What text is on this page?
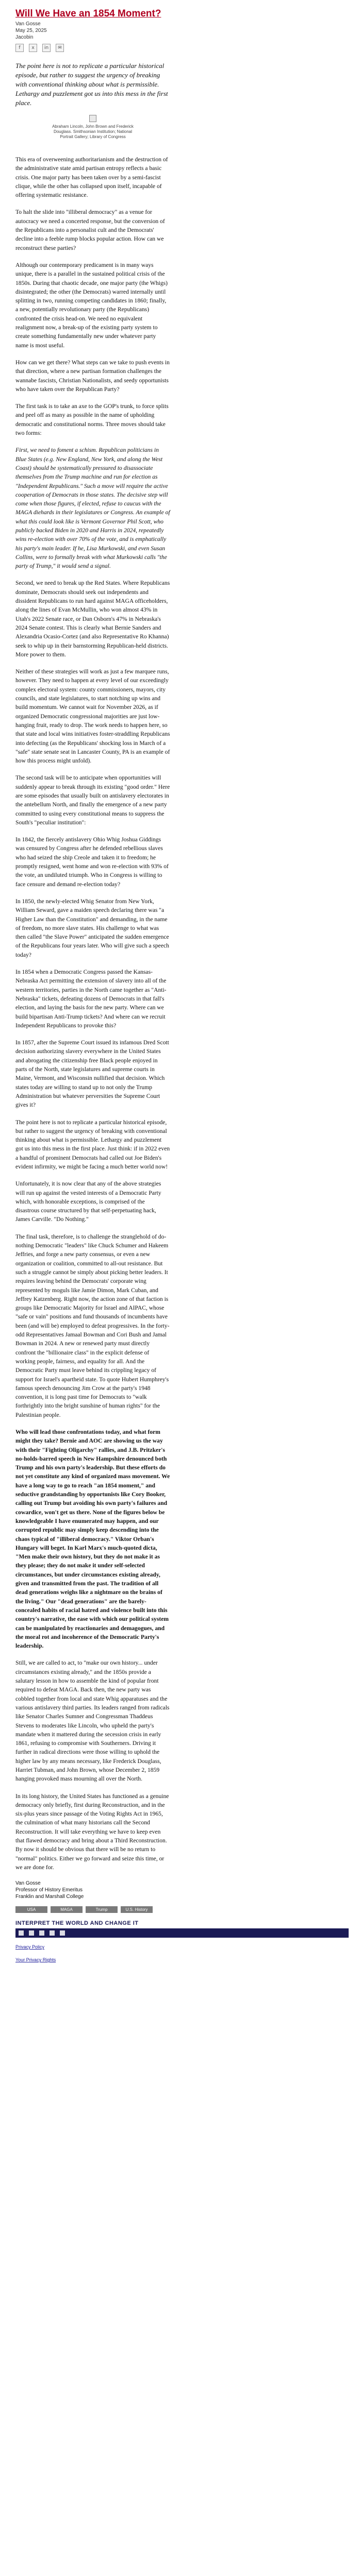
Will We Have an 1854 Moment?
Van Gosse
May 25, 2025
Jacobin
f	x	in	✉

The point here is not to replicate a particular historical episode, but rather to suggest the urgency of breaking with conventional thinking about what is permissible. Lethargy and puzzlement got us into this mess in the first place.

Abraham Lincoln, John Brown and Frederick
Douglass. Smithsonian Institution; National
Portrait Gallery; Library of Congress

This era of overweening authoritarianism and the destruction of the administrative state amid partisan entropy reflects a basic crisis. One major party has been taken over by a semi-fascist clique, while the other has collapsed upon itself, incapable of offering systematic resistance.

To halt the slide into "illiberal democracy" as a venue for autocracy we need a concerted response, but the conversion of the Republicans into a personalist cult and the Democrats' decline into a feeble rump blocks popular action. How can we reconstruct these parties?

Although our contemporary predicament is in many ways unique, there is a parallel in the sustained political crisis of the 1850s. During that chaotic decade, one major party (the Whigs) disintegrated; the other (the Democrats) warred internally until splitting in two, running competing candidates in 1860; finally, a new, potentially revolutionary party (the Republicans) confronted the crisis head-on. We need no equivalent realignment now, a break-up of the existing party system to create something fundamentally new under whatever party name is most useful.

How can we get there? What steps can we take to push events in that direction, where a new partisan formation challenges the wannabe fascists, Christian Nationalists, and seedy opportunists who have taken over the Republican Party?

The first task is to take an axe to the GOP's trunk, to force splits and peel off as many as possible in the name of upholding democratic and constitutional norms. Three moves should take two forms:

First, we need to foment a schism. Republican politicians in Blue States (e.g. New England, New York, and along the West Coast) should be systematically pressured to disassociate themselves from the Trump machine and run for election as "Independent Republicans." Such a move will require the active cooperation of Democrats in those states. The decisive step will come when those figures, if elected, refuse to caucus with the MAGA diehards in their legislatures or Congress. An example of what this could look like is Vermont Governor Phil Scott, who publicly backed Biden in 2020 and Harris in 2024, repeatedly wins re-election with over 70% of the vote, and is emphatically his party's main leader. If he, Lisa Murkowski, and even Susan Collins, were to formally break with what Murkowski calls "the party of Trump," it would send a signal.

Second, we need to break up the Red States. Where Republicans dominate, Democrats should seek out independents and dissident Republicans to run hard against MAGA officeholders, along the lines of Evan McMullin, who won almost 43% in Utah's 2022 Senate race, or Dan Osborn's 47% in Nebraska's 2024 Senate contest. This is clearly what Bernie Sanders and Alexandria Ocasio-Cortez (and also Representative Ro Khanna) seek to whip up in their barnstorming Republican-held districts. More power to them.

Neither of these strategies will work as just a few marquee runs, however. They need to happen at every level of our exceedingly complex electoral system: county commissioners, mayors, city councils, and state legislatures, to start notching up wins and build momentum. We cannot wait for November 2026, as if organized Democratic congressional majorities are just low-hanging fruit, ready to drop. The work needs to happen here, so that state and local wins initiatives foster-straddling Republicans into defecting (as the Republicans' shocking loss in March of a "safe" state senate seat in Lancaster County, PA is an example of how this process might unfold).

The second task will be to anticipate when opportunities will suddenly appear to break through its existing "good order." Here are some episodes that usually built on antislavery electorates in the antebellum North, and finally the emergence of a new party committed to using every constitutional means to suppress the South's "peculiar institution":

In 1842, the fiercely antislavery Ohio Whig Joshua Giddings was censured by Congress after he defended rebellious slaves who had seized the ship Creole and taken it to freedom; he promptly resigned, went home and won re-election with 93% of the vote, an undiluted triumph. Who in Congress is willing to face censure and demand re-election today?

In 1850, the newly-elected Whig Senator from New York, William Seward, gave a maiden speech declaring there was "a Higher Law than the Constitution" and demanding, in the name of freedom, no more slave states. His challenge to what was then called "the Slave Power" anticipated the sudden emergence of the Republicans four years later. Who will give such a speech today?

In 1854 when a Democratic Congress passed the Kansas-Nebraska Act permitting the extension of slavery into all of the western territories, parties in the North came together as "Anti-Nebraska" tickets, defeating dozens of Democrats in that fall's election, and laying the basis for the new party. Where can we build bipartisan Anti-Trump tickets? And where can we recruit Independent Republicans to provoke this?

In 1857, after the Supreme Court issued its infamous Dred Scott decision authorizing slavery everywhere in the United States and abrogating the citizenship free Black people enjoyed in parts of the North, state legislatures and supreme courts in Maine, Vermont, and Wisconsin nullified that decision. Which states today are willing to stand up to not only the Trump Administration but whatever perversities the Supreme Court gives it?

The point here is not to replicate a particular historical episode, but rather to suggest the urgency of breaking with conventional thinking about what is permissible. Lethargy and puzzlement got us into this mess in the first place. Just think: if in 2022 even a handful of prominent Democrats had called out Joe Biden's evident infirmity, we might be facing a much better world now!

Unfortunately, it is now clear that any of the above strategies will run up against the vested interests of a Democratic Party which, with honorable exceptions, is comprised of the disastrous course structured by that self-perpetuating hack, James Carville. "Do Nothing."

The final task, therefore, is to challenge the stranglehold of do-nothing Democratic "leaders" like Chuck Schumer and Hakeem Jeffries, and forge a new party consensus, or even a new organization or coalition, committed to all-out resistance. But such a struggle cannot be simply about picking better leaders. It requires leaving behind the Democrats' corporate wing represented by moguls like Jamie Dimon, Mark Cuban, and Jeffrey Katzenberg. Right now, the action zone of that faction is groups like Democratic Majority for Israel and AIPAC, whose "safe or vain" positions and fund thousands of incumbents have been (and will be) employed to defeat progressives. In the forty-odd Representatives Jamaal Bowman and Cori Bush and Jamal Bowman in 2024. A new or renewed party must directly confront the "billionaire class" in the explicit defense of working people, fairness, and equality for all. And the Democratic Party must leave behind its crippling legacy of support for Israel's apartheid state. To quote Hubert Humphrey's famous speech denouncing Jim Crow at the party's 1948 convention, it is long past time for Democrats to "walk forthrightly into the bright sunshine of human rights" for the Palestinian people.

Who will lead those confrontations today, and what form might they take? Bernie and AOC are showing us the way with their "Fighting Oligarchy" rallies, and J.B. Pritzker's no-holds-barred speech in New Hampshire denounced both Trump and his own party's leadership. But these efforts do not yet constitute any kind of organized mass movement. We have a long way to go to reach "an 1854 moment," and seductive grandstanding by opportunists like Cory Booker, calling out Trump but avoiding his own party's failures and cowardice, won't get us there. None of the figures below be knowledgeable I have enumerated may happen, and our corrupted republic may simply keep descending into the chaos typical of "illiberal democracy." Viktor Orban's Hungary will beget. In Karl Marx's much-quoted dicta, "Men make their own history, but they do not make it as they please; they do not make it under self-selected circumstances, but under circumstances existing already, given and transmitted from the past. The tradition of all dead generations weighs like a nightmare on the brains of the living." Our "dead generations" are the barely-concealed habits of racial hatred and violence built into this country's narrative, the ease with which our political system can be manipulated by reactionaries and demagogues, and the moral rot and incoherence of the Democratic Party's leadership.

Still, we are called to act, to "make our own history... under circumstances existing already," and the 1850s provide a salutary lesson in how to assemble the kind of popular front required to defeat MAGA. Back then, the new party was cobbled together from local and state Whig apparatuses and the various antislavery third parties. Its leaders ranged from radicals like Senator Charles Sumner and Congressman Thaddeus Stevens to moderates like Lincoln, who upheld the party's mandate when it mattered during the secession crisis in early 1861, refusing to compromise with Southerners. Driving it further in radical directions were those willing to uphold the higher law by any means necessary, like Frederick Douglass, Harriet Tubman, and John Brown, whose December 2, 1859 hanging provoked mass mourning all over the North.

In its long history, the United States has functioned as a genuine democracy only briefly, first during Reconstruction, and in the six-plus years since passage of the Voting Rights Act in 1965, the culmination of what many historians call the Second Reconstruction. It will take everything we have to keep even that flawed democracy and bring about a Third Reconstruction. By now it should be obvious that there will be no return to "normal" politics. Either we go forward and seize this time, or we are done for.

Van Gosse
Professor of History Emeritus
Franklin and Marshall College
USA	MAGA	Trump	U.S. History
INTERPRET THE WORLD AND CHANGE IT
Privacy Policy
Your Privacy Rights
